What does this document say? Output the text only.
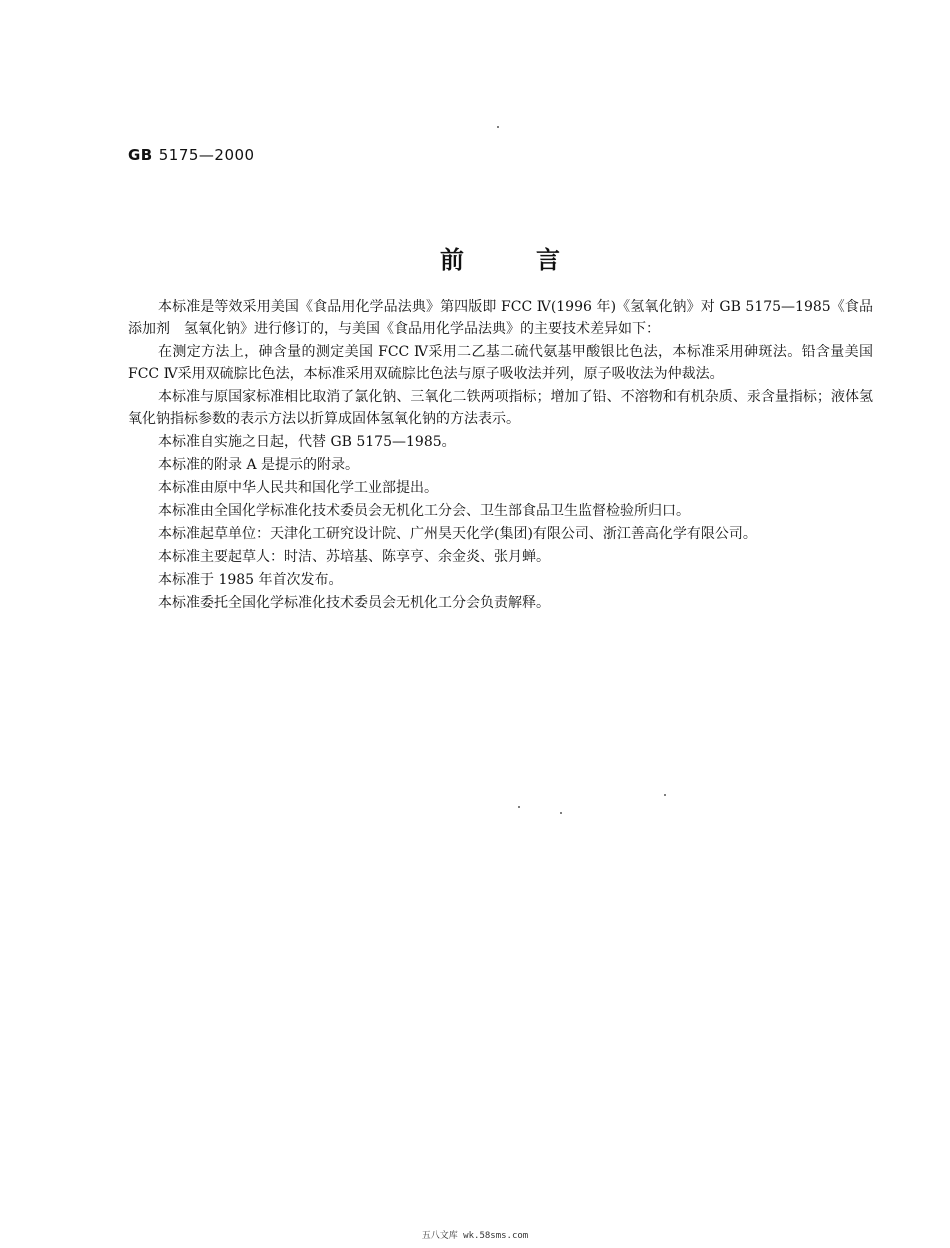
GB 5175—2000
前言

本标准是等效采用美国《食品用化学品法典》第四版即 FCC Ⅳ(1996 年)《氢氧化钠》对 GB 5175—1985《食品添加剂　氢氧化钠》进行修订的，与美国《食品用化学品法典》的主要技术差异如下：

在测定方法上，砷含量的测定美国 FCC Ⅳ采用二乙基二硫代氨基甲酸银比色法，本标准采用砷斑法。铅含量美国 FCC Ⅳ采用双硫腙比色法，本标准采用双硫腙比色法与原子吸收法并列，原子吸收法为仲裁法。

本标准与原国家标准相比取消了氯化钠、三氧化二铁两项指标；增加了铅、不溶物和有机杂质、汞含量指标；液体氢氧化钠指标参数的表示方法以折算成固体氢氧化钠的方法表示。

本标准自实施之日起，代替 GB 5175—1985。

本标准的附录 A 是提示的附录。

本标准由原中华人民共和国化学工业部提出。

本标准由全国化学标准化技术委员会无机化工分会、卫生部食品卫生监督检验所归口。

本标准起草单位：天津化工研究设计院、广州昊天化学(集团)有限公司、浙江善高化学有限公司。

本标准主要起草人：时洁、苏培基、陈享亨、余金炎、张月蝉。

本标准于 1985 年首次发布。

本标准委托全国化学标准化技术委员会无机化工分会负责解释。

五八文库 wk.58sms.com
